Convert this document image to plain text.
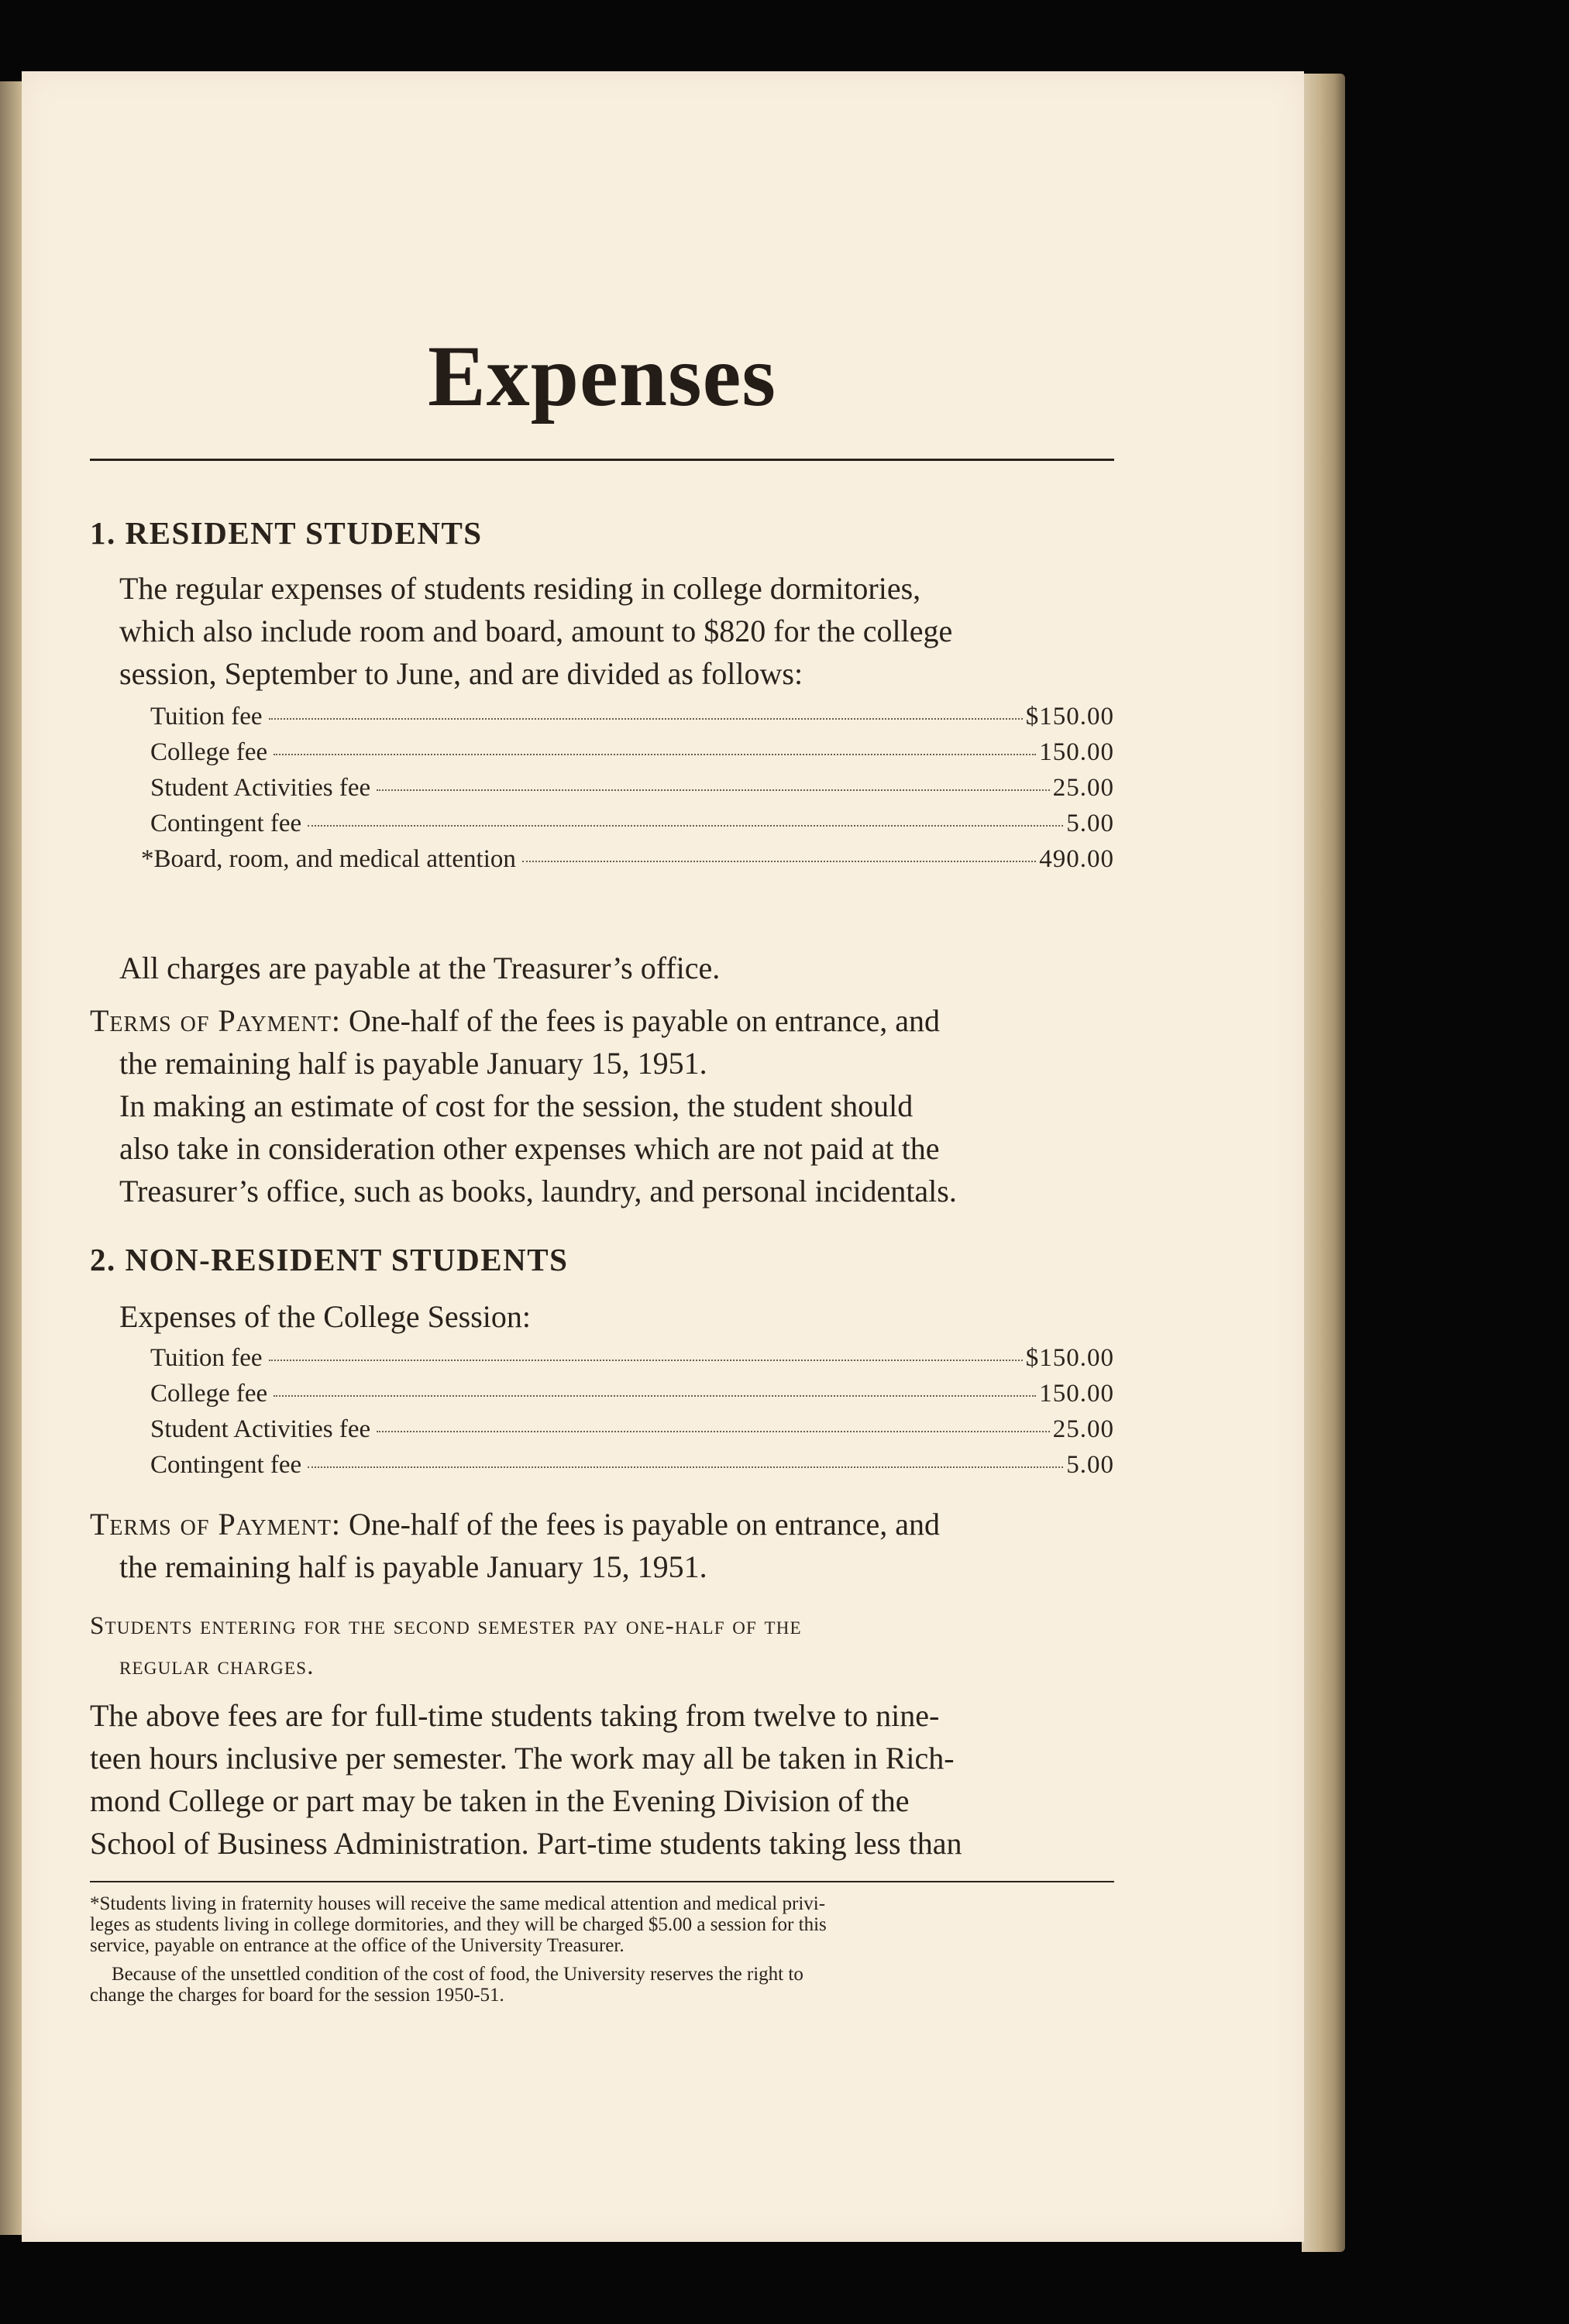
Expenses
1. RESIDENT STUDENTS

The regular expenses of students residing in college dormitories,

which also include room and board, amount to $820 for the college

session, September to June, and are divided as follows:

Tuition fee	$150.00
College fee	150.00
Student Activities fee	25.00
Contingent fee	5.00
*Board, room, and medical attention	490.00

All charges are payable at the Treasurer’s office.

Terms of Payment: One-half of the fees is payable on entrance, and

the remaining half is payable January 15, 1951.

In making an estimate of cost for the session, the student should

also take in consideration other expenses which are not paid at the

Treasurer’s office, such as books, laundry, and personal incidentals.

2. NON-RESIDENT STUDENTS

Expenses of the College Session:

Tuition fee	$150.00
College fee	150.00
Student Activities fee	25.00
Contingent fee	5.00

Terms of Payment: One-half of the fees is payable on entrance, and

the remaining half is payable January 15, 1951.

Students entering for the second semester pay one-half of the

regular charges.

The above fees are for full-time students taking from twelve to nine-

teen hours inclusive per semester. The work may all be taken in Rich-

mond College or part may be taken in the Evening Division of the

School of Business Administration. Part-time students taking less than

*Students living in fraternity houses will receive the same medical attention and medical privi-

leges as students living in college dormitories, and they will be charged $5.00 a session for this

service, payable on entrance at the office of the University Treasurer.

Because of the unsettled condition of the cost of food, the University reserves the right to

change the charges for board for the session 1950-51.
